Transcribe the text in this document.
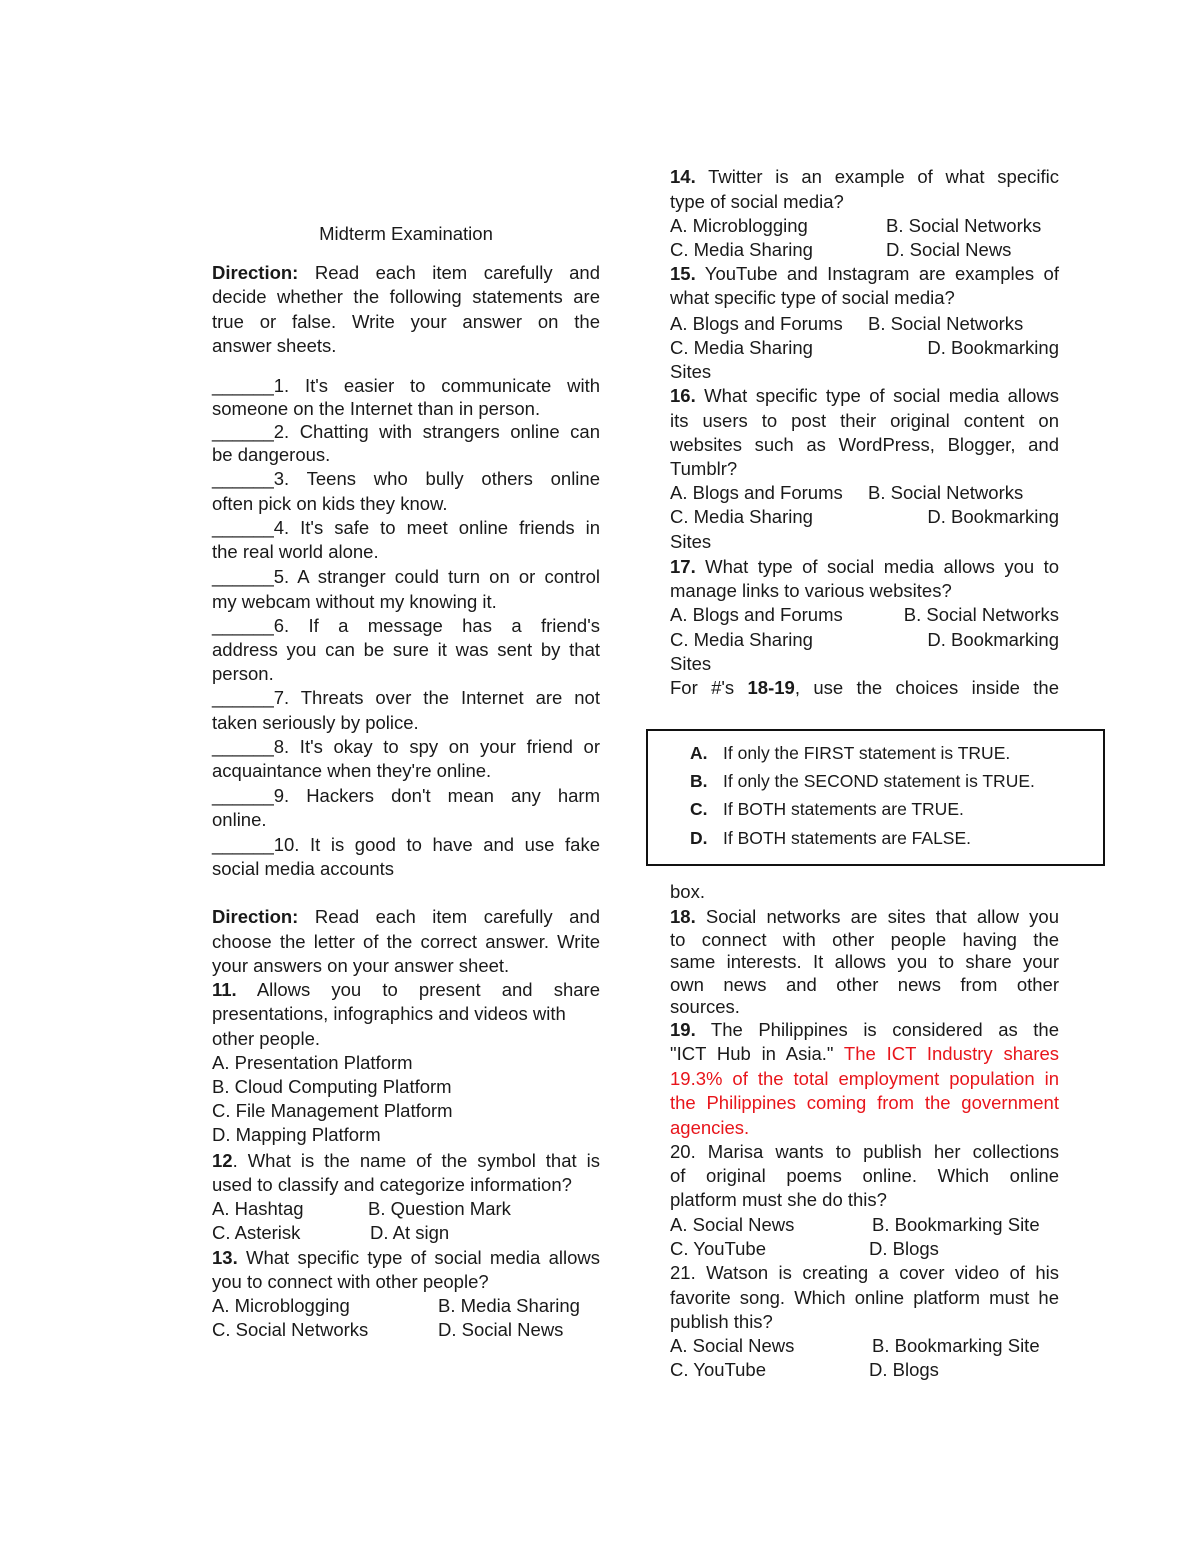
Midterm Examination
Direction: Read each item carefully and
decide whether the following statements are
true or false. Write your answer on the
answer sheets.
______1. It's easier to communicate with
someone on the Internet than in person.
______2. Chatting with strangers online can
be dangerous.
______3. Teens who bully others online
often pick on kids they know.
______4. It's safe to meet online friends in
the real world alone.
______5. A stranger could turn on or control
my webcam without my knowing it.
______6. If a message has a friend's
address you can be sure it was sent by that
person.
______7. Threats over the Internet are not
taken seriously by police.
______8. It's okay to spy on your friend or
acquaintance when they're online.
______9. Hackers don't mean any harm
online.
______10. It is good to have and use fake
social media accounts
Direction: Read each item carefully and
choose the letter of the correct answer. Write
your answers on your answer sheet.
11. Allows you to present and share
presentations, infographics and videos with
other people.
A. Presentation Platform
B. Cloud Computing Platform
C. File Management Platform
D. Mapping Platform
12. What is the name of the symbol that is
used to classify and categorize information?
A. Hashtag	B. Question Mark
C. Asterisk	D. At sign
13. What specific type of social media allows
you to connect with other people?
A. Microblogging	B. Media Sharing
C. Social Networks	D. Social News
14. Twitter is an example of what specific
type of social media?
A. Microblogging	B. Social Networks
C. Media Sharing	D. Social News
15. YouTube and Instagram are examples of
what specific type of social media?
A. Blogs and Forums B. Social Networks
C. Media Sharing	D. Bookmarking
Sites
16. What specific type of social media allows
its users to post their original content on
websites such as WordPress, Blogger, and
Tumblr?
A. Blogs and Forums B. Social Networks
C. Media Sharing	D. Bookmarking
Sites
17. What type of social media allows you to
manage links to various websites?
A. Blogs and Forums	B. Social Networks
C. Media Sharing	D. Bookmarking
Sites
For #'s 18-19, use the choices inside the
box.
18. Social networks are sites that allow you
to connect with other people having the
same interests. It allows you to share your
own news and other news from other
sources.
19. The Philippines is considered as the
"ICT Hub in Asia." The ICT Industry shares
19.3% of the total employment population in
the Philippines coming from the government
agencies.
20. Marisa wants to publish her collections
of original poems online. Which online
platform must she do this?
A. Social News	B. Bookmarking Site
C. YouTube	D. Blogs
21. Watson is creating a cover video of his
favorite song. Which online platform must he
publish this?
A. Social News	B. Bookmarking Site
C. YouTube	D. Blogs
A. If only the FIRST statement is TRUE.
B. If only the SECOND statement is TRUE.
C. If BOTH statements are TRUE.
D. If BOTH statements are FALSE.
